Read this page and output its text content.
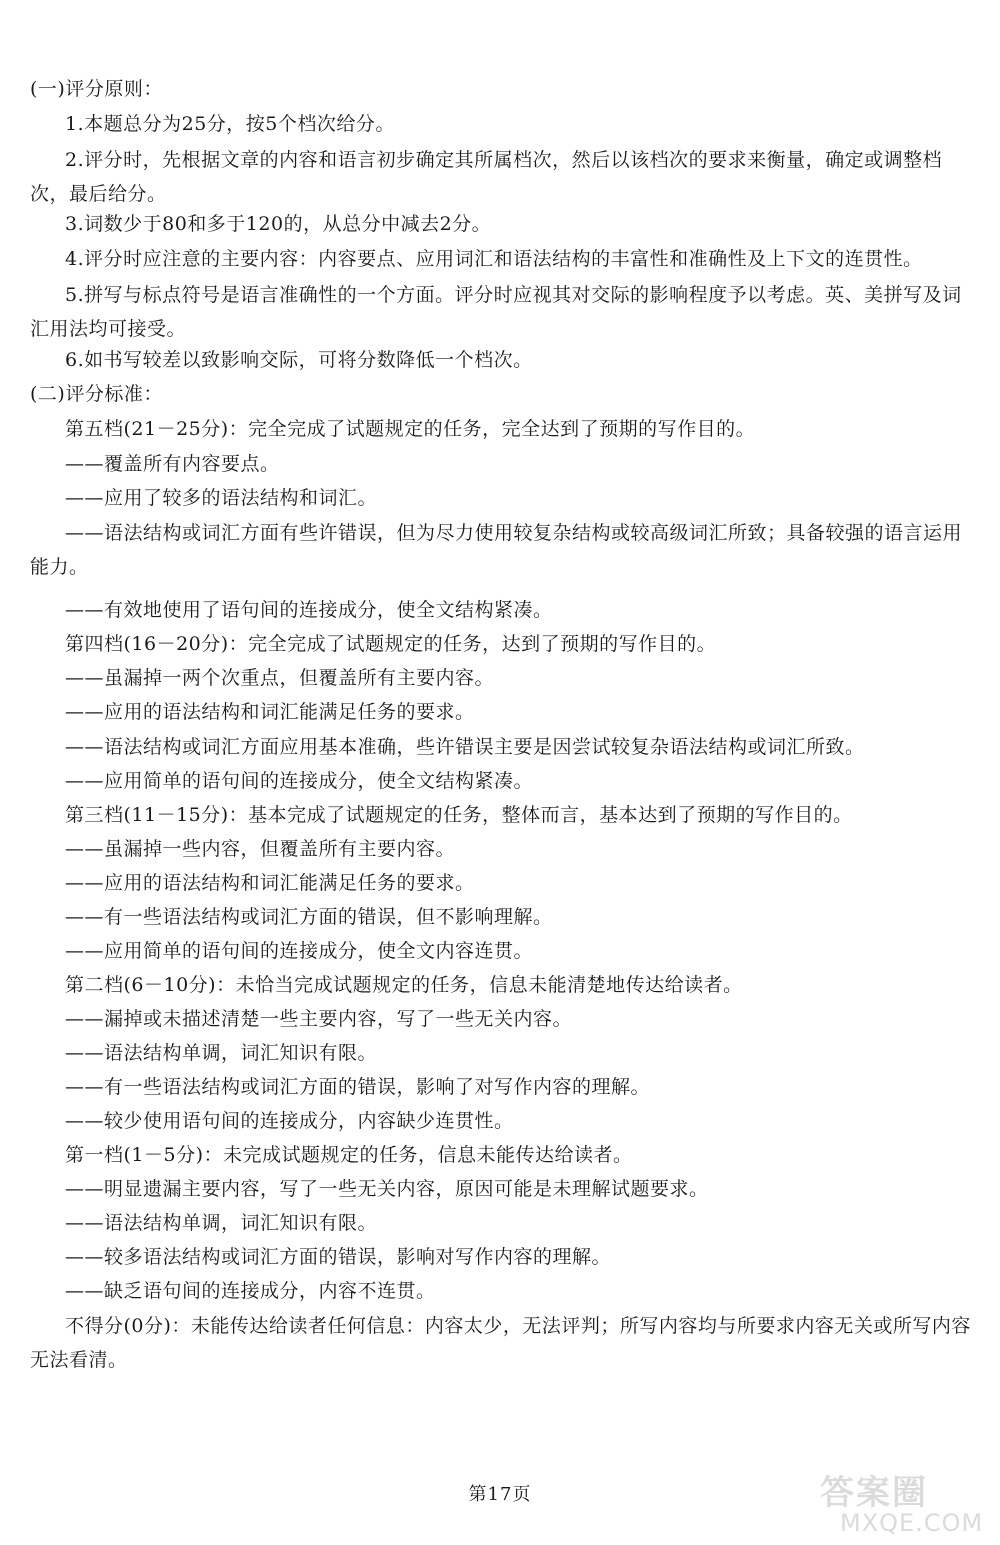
(一)评分原则：
1.本题总分为25分，按5个档次给分。
2.评分时，先根据文章的内容和语言初步确定其所属档次，然后以该档次的要求来衡量，确定或调整档次，最后给分。
3.词数少于80和多于120的，从总分中减去2分。
4.评分时应注意的主要内容：内容要点、应用词汇和语法结构的丰富性和准确性及上下文的连贯性。
5.拼写与标点符号是语言准确性的一个方面。评分时应视其对交际的影响程度予以考虑。英、美拼写及词汇用法均可接受。
6.如书写较差以致影响交际，可将分数降低一个档次。
(二)评分标准：
第五档(21－25分)：完全完成了试题规定的任务，完全达到了预期的写作目的。
——覆盖所有内容要点。
——应用了较多的语法结构和词汇。
——语法结构或词汇方面有些许错误，但为尽力使用较复杂结构或较高级词汇所致；具备较强的语言运用能力。
——有效地使用了语句间的连接成分，使全文结构紧凑。
第四档(16－20分)：完全完成了试题规定的任务，达到了预期的写作目的。
——虽漏掉一两个次重点，但覆盖所有主要内容。
——应用的语法结构和词汇能满足任务的要求。
——语法结构或词汇方面应用基本准确，些许错误主要是因尝试较复杂语法结构或词汇所致。
——应用简单的语句间的连接成分，使全文结构紧凑。
第三档(11－15分)：基本完成了试题规定的任务，整体而言，基本达到了预期的写作目的。
——虽漏掉一些内容，但覆盖所有主要内容。
——应用的语法结构和词汇能满足任务的要求。
——有一些语法结构或词汇方面的错误，但不影响理解。
——应用简单的语句间的连接成分，使全文内容连贯。
第二档(6－10分)：未恰当完成试题规定的任务，信息未能清楚地传达给读者。
——漏掉或未描述清楚一些主要内容，写了一些无关内容。
——语法结构单调，词汇知识有限。
——有一些语法结构或词汇方面的错误，影响了对写作内容的理解。
——较少使用语句间的连接成分，内容缺少连贯性。
第一档(1－5分)：未完成试题规定的任务，信息未能传达给读者。
——明显遗漏主要内容，写了一些无关内容，原因可能是未理解试题要求。
——语法结构单调，词汇知识有限。
——较多语法结构或词汇方面的错误，影响对写作内容的理解。
——缺乏语句间的连接成分，内容不连贯。
不得分(0分)：未能传达给读者任何信息：内容太少，无法评判；所写内容均与所要求内容无关或所写内容无法看清。
第17页	答案圈
MXQE.COM
